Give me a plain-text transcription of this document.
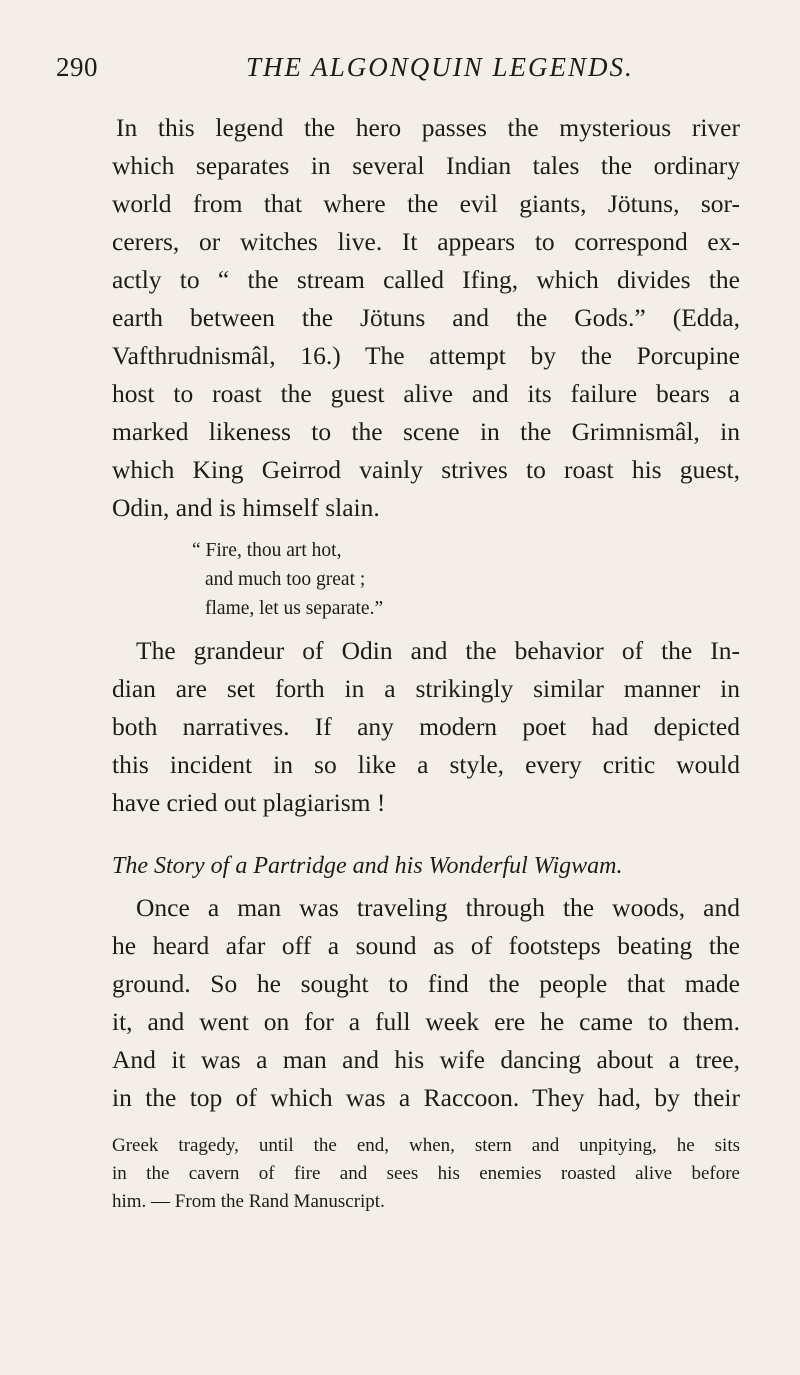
290	THE ALGONQUIN LEGENDS.
In this legend the hero passes the mysterious river
which separates in several Indian tales the ordinary
world from that where the evil giants, Jötuns, sor-
cerers, or witches live. It appears to correspond ex-
actly to “ the stream called Ifing, which divides the
earth between the Jötuns and the Gods.” (Edda,
Vafthrudnismâl, 16.) The attempt by the Porcupine
host to roast the guest alive and its failure bears a
marked likeness to the scene in the Grimnismâl, in
which King Geirrod vainly strives to roast his guest,
Odin, and is himself slain.
“ Fire, thou art hot,
and much too great ;
flame, let us separate.”
The grandeur of Odin and the behavior of the In-
dian are set forth in a strikingly similar manner in
both narratives. If any modern poet had depicted
this incident in so like a style, every critic would
have cried out plagiarism !
The Story of a Partridge and his Wonderful Wigwam.
Once a man was traveling through the woods, and
he heard afar off a sound as of footsteps beating the
ground. So he sought to find the people that made
it, and went on for a full week ere he came to them.
And it was a man and his wife dancing about a tree,
in the top of which was a Raccoon. They had, by their
Greek tragedy, until the end, when, stern and unpitying, he sits
in the cavern of fire and sees his enemies roasted alive before
him. — From the Rand Manuscript.
